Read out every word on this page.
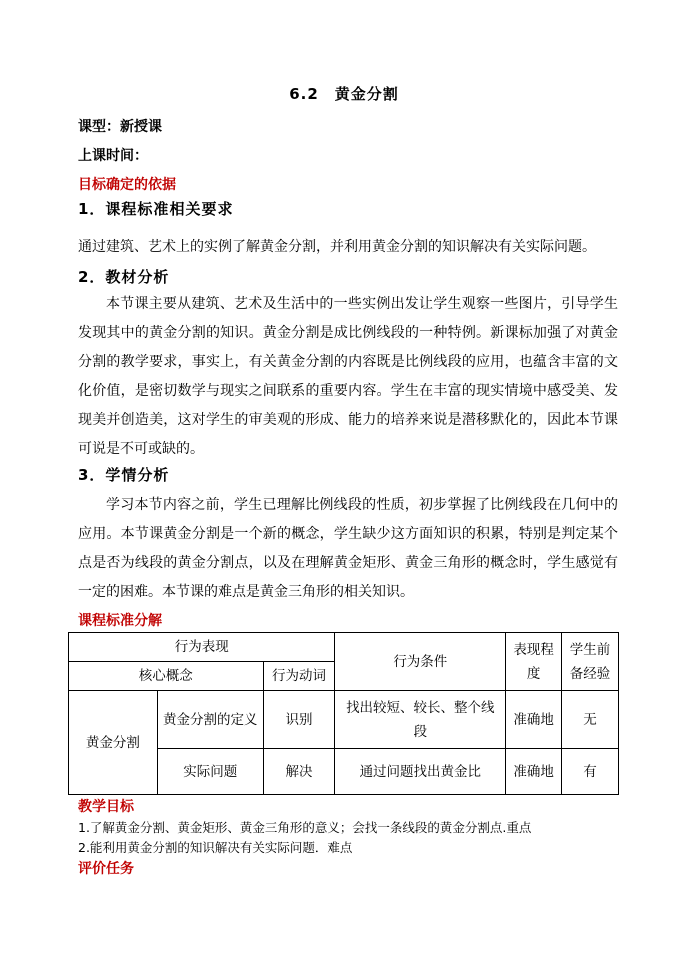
6.2　黄金分割
课型：新授课
上课时间：
目标确定的依据
1．课程标准相关要求
通过建筑、艺术上的实例了解黄金分割，并利用黄金分割的知识解决有关实际问题。
2．教材分析
本节课主要从建筑、艺术及生活中的一些实例出发让学生观察一些图片，引导学生发现其中的黄金分割的知识。黄金分割是成比例线段的一种特例。新课标加强了对黄金分割的教学要求，事实上，有关黄金分割的内容既是比例线段的应用，也蕴含丰富的文化价值，是密切数学与现实之间联系的重要内容。学生在丰富的现实情境中感受美、发现美并创造美，这对学生的审美观的形成、能力的培养来说是潜移默化的，因此本节课可说是不可或缺的。
3．学情分析
学习本节内容之前，学生已理解比例线段的性质，初步掌握了比例线段在几何中的应用。本节课黄金分割是一个新的概念，学生缺少这方面知识的积累，特别是判定某个点是否为线段的黄金分割点，以及在理解黄金矩形、黄金三角形的概念时，学生感觉有一定的困难。本节课的难点是黄金三角形的相关知识。
课程标准分解
行为表现			行为条件	表现程度	学生前备经验
核心概念		行为动词			
黄金分割	黄金分割的定义	识别	找出较短、较长、整个线段	准确地	无
	实际问题	解决	通过问题找出黄金比	准确地	有
教学目标
1.了解黄金分割、黄金矩形、黄金三角形的意义；会找一条线段的黄金分割点.重点
2.能利用黄金分割的知识解决有关实际问题．难点
评价任务
